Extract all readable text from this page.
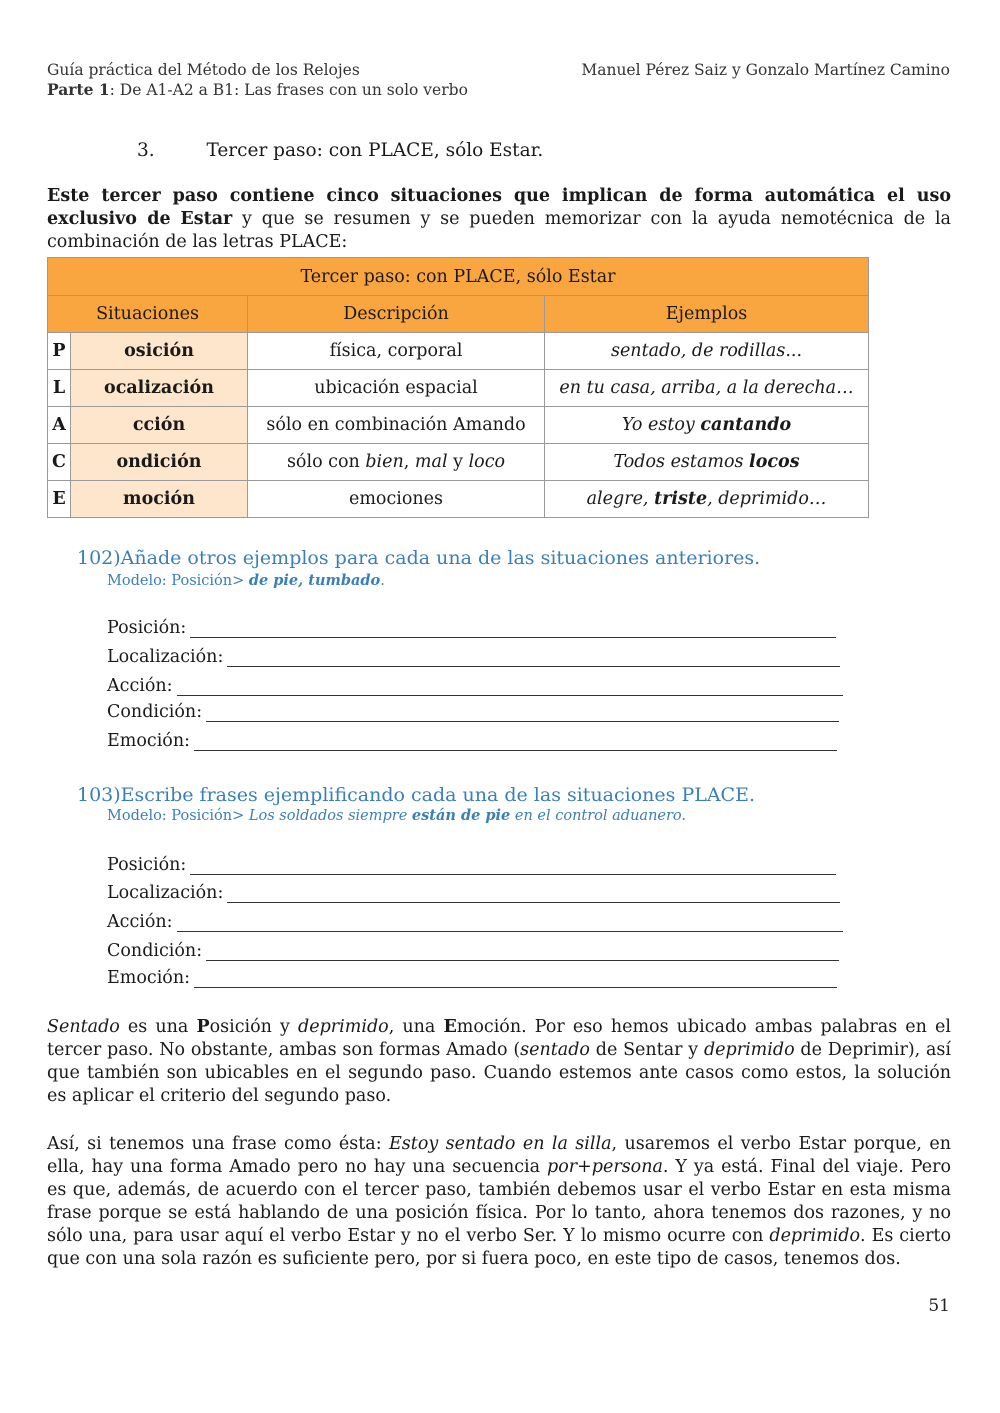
Guía práctica del Método de los Relojes
Parte 1: De A1-A2 a B1: Las frases con un solo verbo
Manuel Pérez Saiz y Gonzalo Martínez Camino
3.	Tercer paso: con PLACE, sólo Estar.
Este tercer paso contiene cinco situaciones que implican de forma automática el uso exclusivo de Estar y que se resumen y se pueden memorizar con la ayuda nemotécnica de la combinación de las letras PLACE:
Tercer paso: con PLACE, sólo Estar			
Situaciones		Descripción	Ejemplos
P	osición	física, corporal	sentado, de rodillas...
L	ocalización	ubicación espacial	en tu casa, arriba, a la derecha…
A	cción	sólo en combinación Amando	Yo estoy cantando
C	ondición	sólo con bien, mal y loco	Todos estamos locos
E	moción	emociones	alegre, triste, deprimido…
102)Añade otros ejemplos para cada una de las situaciones anteriores.
Modelo: Posición> de pie, tumbado.
Posición:
Localización:
Acción:
Condición:
Emoción:
103)Escribe frases ejemplificando cada una de las situaciones PLACE.
Modelo: Posición> Los soldados siempre están de pie en el control aduanero.
Posición:
Localización:
Acción:
Condición:
Emoción:
Sentado es una Posición y deprimido, una Emoción. Por eso hemos ubicado ambas palabras en el tercer paso. No obstante, ambas son formas Amado (sentado de Sentar y deprimido de Deprimir), así que también son ubicables en el segundo paso. Cuando estemos ante casos como estos, la solución es aplicar el criterio del segundo paso.
Así, si tenemos una frase como ésta: Estoy sentado en la silla, usaremos el verbo Estar porque, en ella, hay una forma Amado pero no hay una secuencia por+persona. Y ya está. Final del viaje. Pero es que, además, de acuerdo con el tercer paso, también debemos usar el verbo Estar en esta misma frase porque se está hablando de una posición física. Por lo tanto, ahora tenemos dos razones, y no sólo una, para usar aquí el verbo Estar y no el verbo Ser. Y lo mismo ocurre con deprimido. Es cierto que con una sola razón es suficiente pero, por si fuera poco, en este tipo de casos, tenemos dos.
51
